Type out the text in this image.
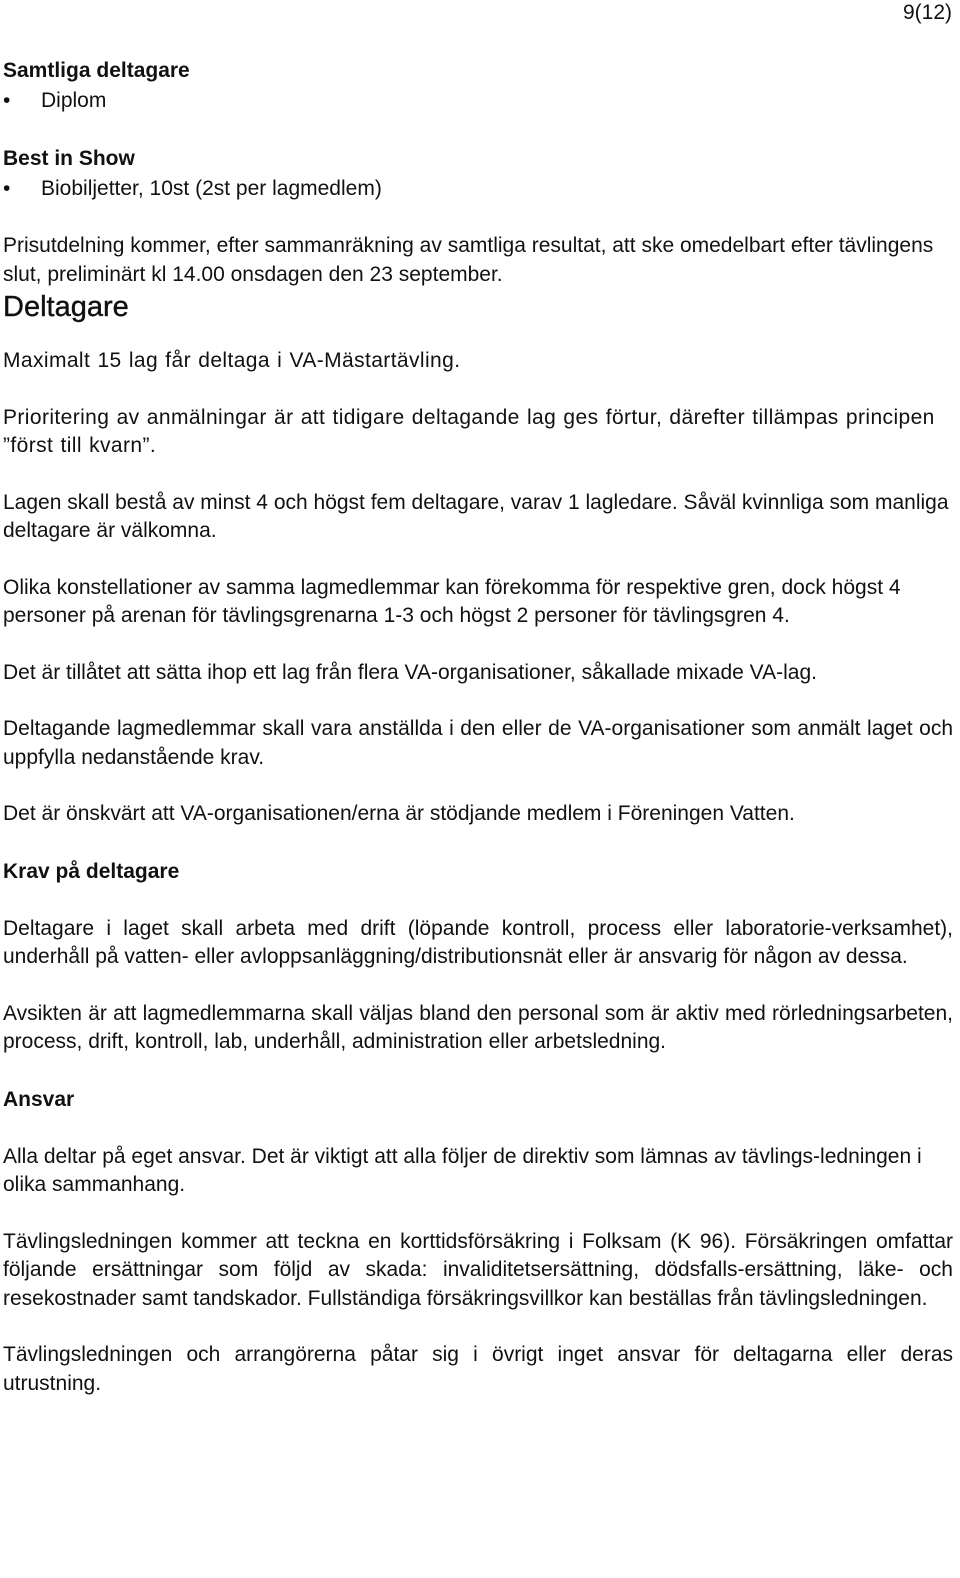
9(12)
Samtliga deltagare
• Diplom
Best in Show
• Biobiljetter, 10st (2st per lagmedlem)

Prisutdelning kommer, efter sammanräkning av samtliga resultat, att ske omedelbart efter tävlingens slut, preliminärt kl 14.00 onsdagen den 23 september.

Deltagare

Maximalt 15 lag får deltaga i VA-Mästartävling.

Prioritering av anmälningar är att tidigare deltagande lag ges förtur, därefter tillämpas principen ”först till kvarn”.

Lagen skall bestå av minst 4 och högst fem deltagare, varav 1 lagledare. Såväl kvinnliga som manliga deltagare är välkomna.

Olika konstellationer av samma lagmedlemmar kan förekomma för respektive gren, dock högst 4 personer på arenan för tävlingsgrenarna 1-3 och högst 2 personer för tävlingsgren 4.

Det är tillåtet att sätta ihop ett lag från flera VA-organisationer, såkallade mixade VA-lag.

Deltagande lagmedlemmar skall vara anställda i den eller de VA-organisationer som anmält laget och uppfylla nedanstående krav.

Det är önskvärt att VA-organisationen/erna är stödjande medlem i Föreningen Vatten.

Krav på deltagare

Deltagare i laget skall arbeta med drift (löpande kontroll, process eller laboratorie-verksamhet), underhåll på vatten- eller avloppsanläggning/distributionsnät eller är ansvarig för någon av dessa.

Avsikten är att lagmedlemmarna skall väljas bland den personal som är aktiv med rörledningsarbeten, process, drift, kontroll, lab, underhåll, administration eller arbetsledning.

Ansvar

Alla deltar på eget ansvar. Det är viktigt att alla följer de direktiv som lämnas av tävlings-ledningen i olika sammanhang.

Tävlingsledningen kommer att teckna en korttidsförsäkring i Folksam (K 96). Försäkringen omfattar följande ersättningar som följd av skada: invaliditetsersättning, dödsfalls-ersättning, läke- och resekostnader samt tandskador. Fullständiga försäkringsvillkor kan beställas från tävlingsledningen.

Tävlingsledningen och arrangörerna påtar sig i övrigt inget ansvar för deltagarna eller deras utrustning.
